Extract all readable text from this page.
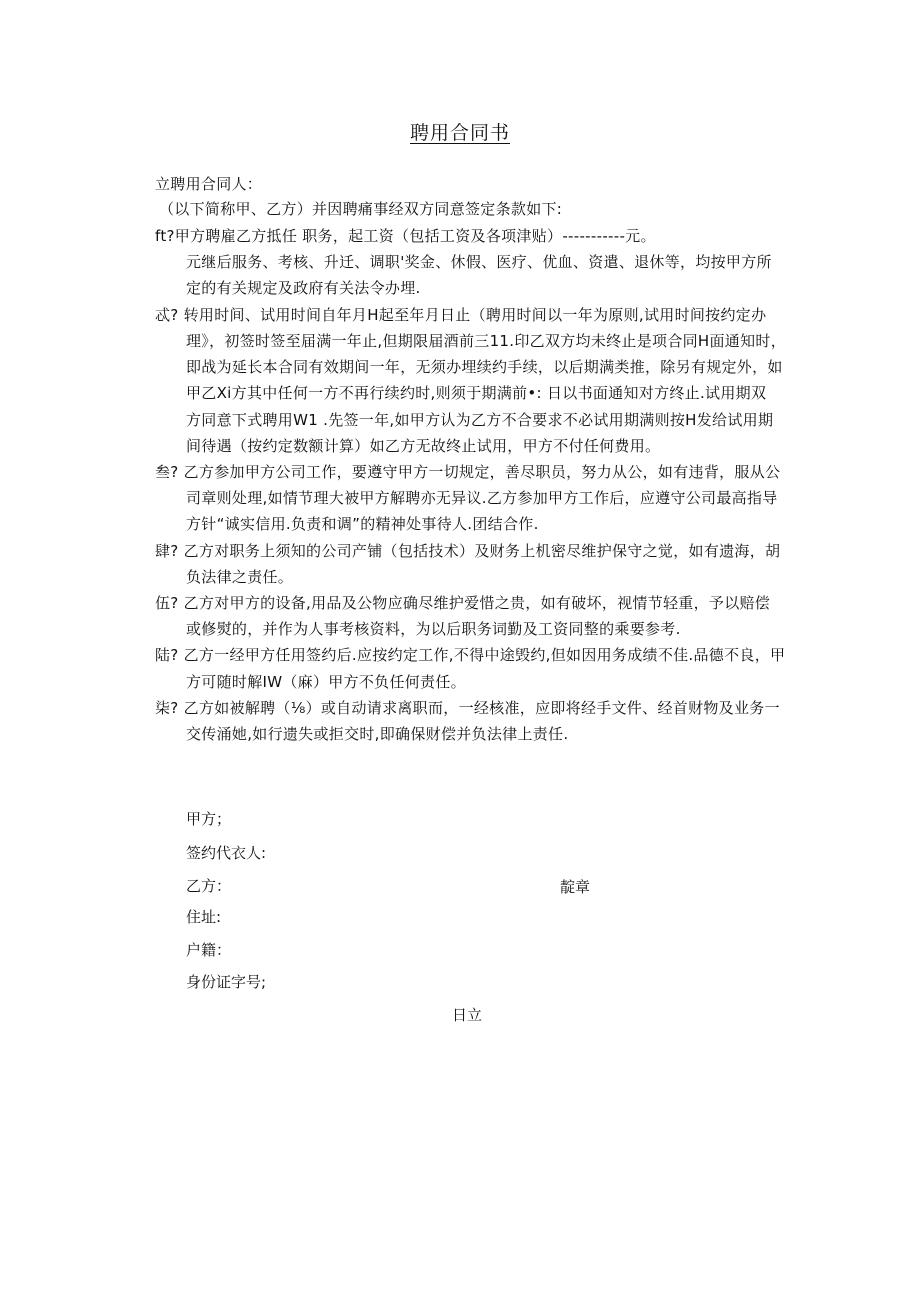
聘用合同书
立聘用合同人：
（以下简称甲、乙方）并因聘痛事经双方同意签定条款如下:
ft?甲方聘雇乙方抵任 职务，起工资（包括工资及各项津贴）-----------元。
元继后服务、考核、升迁、调职'奖金、休假、医疗、优血、资遣、退休等，均按甲方所
定的有关规定及政府有关法令办埋.
忒? 转用时间、试用时间自年月H起至年月日止（聘用时间以一年为原则,试用时间按约定办
理》，初签时签至届满一年止,但期限届酒前三11.印乙双方均未终止是项合同H面通知时，
即战为延长本合同有效期间一年，无须办埋续约手续，以后期满类推，除另有规定外，如
甲乙Xi方其中任何一方不再行续约时,则须于期满前•: 日以书面通知对方终止.试用期双
方同意下式聘用W1 .先签一年,如甲方认为乙方不合要求不必试用期满则按H发给试用期
间待遇（按约定数额计算）如乙方无故终止试用，甲方不付任何费用。
叁? 乙方参加甲方公司工作，要遵守甲方一切规定，善尽职员，努力从公，如有违背，服从公
司章则处理,如情节理大被甲方解聘亦无异议.乙方参加甲方工作后，应遵守公司最高指导
方针“诚实信用.负责和调”的精神处事待人.团结合作.
肆? 乙方对职务上须知的公司产铺（包括技术）及财务上机密尽维护保守之觉，如有遗海，胡
负法律之责任。
伍? 乙方对甲方的设备,用品及公物应确尽维护爱惜之贵，如有破坏，视情节轻重，予以赔偿
或修熨的，并作为人事考核资料，为以后职务词勤及工资同整的乘要参考.
陆? 乙方一经甲方任用签约后.应按约定工作,不得中途毁约,但如因用务成绩不佳.品德不良，甲
方可随时解IW（麻）甲方不负任何责任。
柒? 乙方如被解聘（⅛）或自动请求离职而，一经核准，应即将经手文件、经首财物及业务一
交传涌她,如行遗失或拒交时,即确保财偿并负法律上责任.
甲方；
签约代衣人:
乙方：	靛章
住址:
户籍：
身份证字号;
日立
